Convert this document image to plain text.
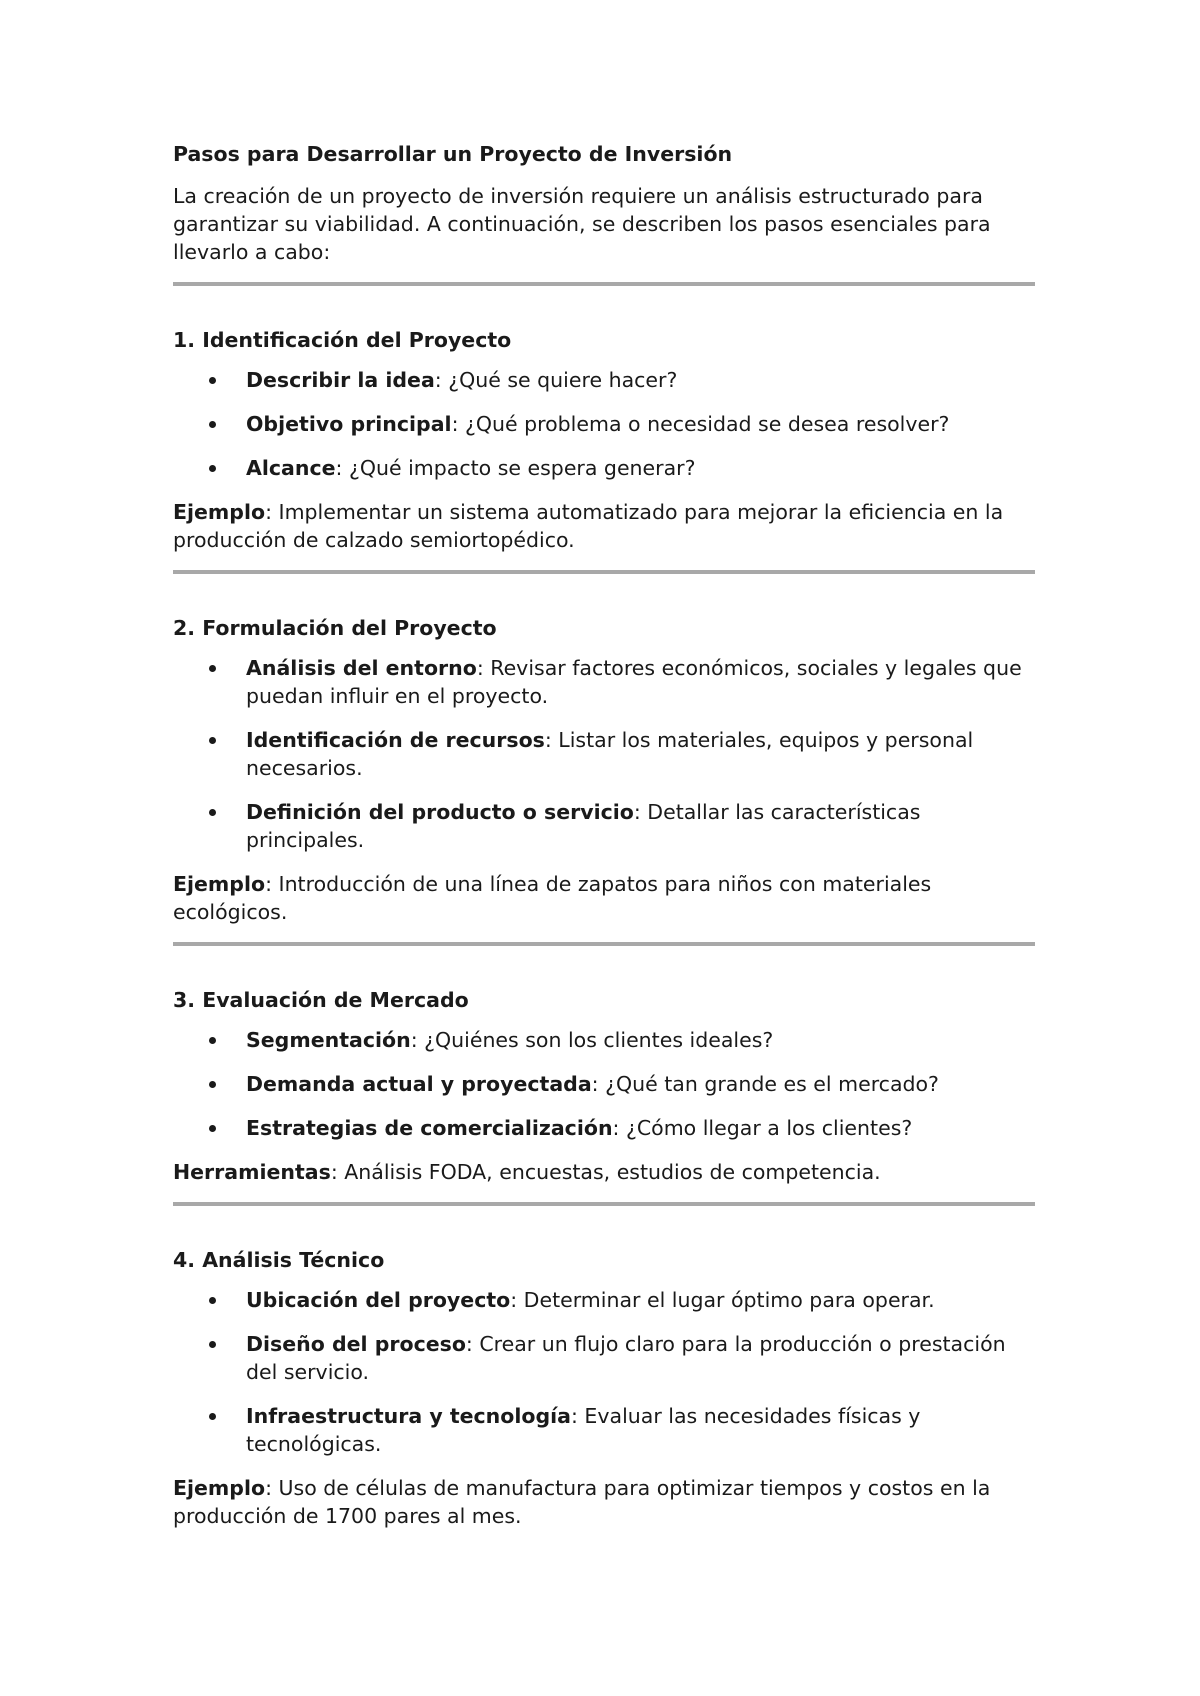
Pasos para Desarrollar un Proyecto de Inversión

La creación de un proyecto de inversión requiere un análisis estructurado para garantizar su viabilidad. A continuación, se describen los pasos esenciales para llevarlo a cabo:

1. Identificación del Proyecto

Describir la idea: ¿Qué se quiere hacer?
Objetivo principal: ¿Qué problema o necesidad se desea resolver?
Alcance: ¿Qué impacto se espera generar?

Ejemplo: Implementar un sistema automatizado para mejorar la eficiencia en la producción de calzado semiortopédico.

2. Formulación del Proyecto

Análisis del entorno: Revisar factores económicos, sociales y legales que puedan influir en el proyecto.
Identificación de recursos: Listar los materiales, equipos y personal necesarios.
Definición del producto o servicio: Detallar las características principales.

Ejemplo: Introducción de una línea de zapatos para niños con materiales ecológicos.

3. Evaluación de Mercado

Segmentación: ¿Quiénes son los clientes ideales?
Demanda actual y proyectada: ¿Qué tan grande es el mercado?
Estrategias de comercialización: ¿Cómo llegar a los clientes?

Herramientas: Análisis FODA, encuestas, estudios de competencia.

4. Análisis Técnico

Ubicación del proyecto: Determinar el lugar óptimo para operar.
Diseño del proceso: Crear un flujo claro para la producción o prestación del servicio.
Infraestructura y tecnología: Evaluar las necesidades físicas y tecnológicas.

Ejemplo: Uso de células de manufactura para optimizar tiempos y costos en la producción de 1700 pares al mes.
